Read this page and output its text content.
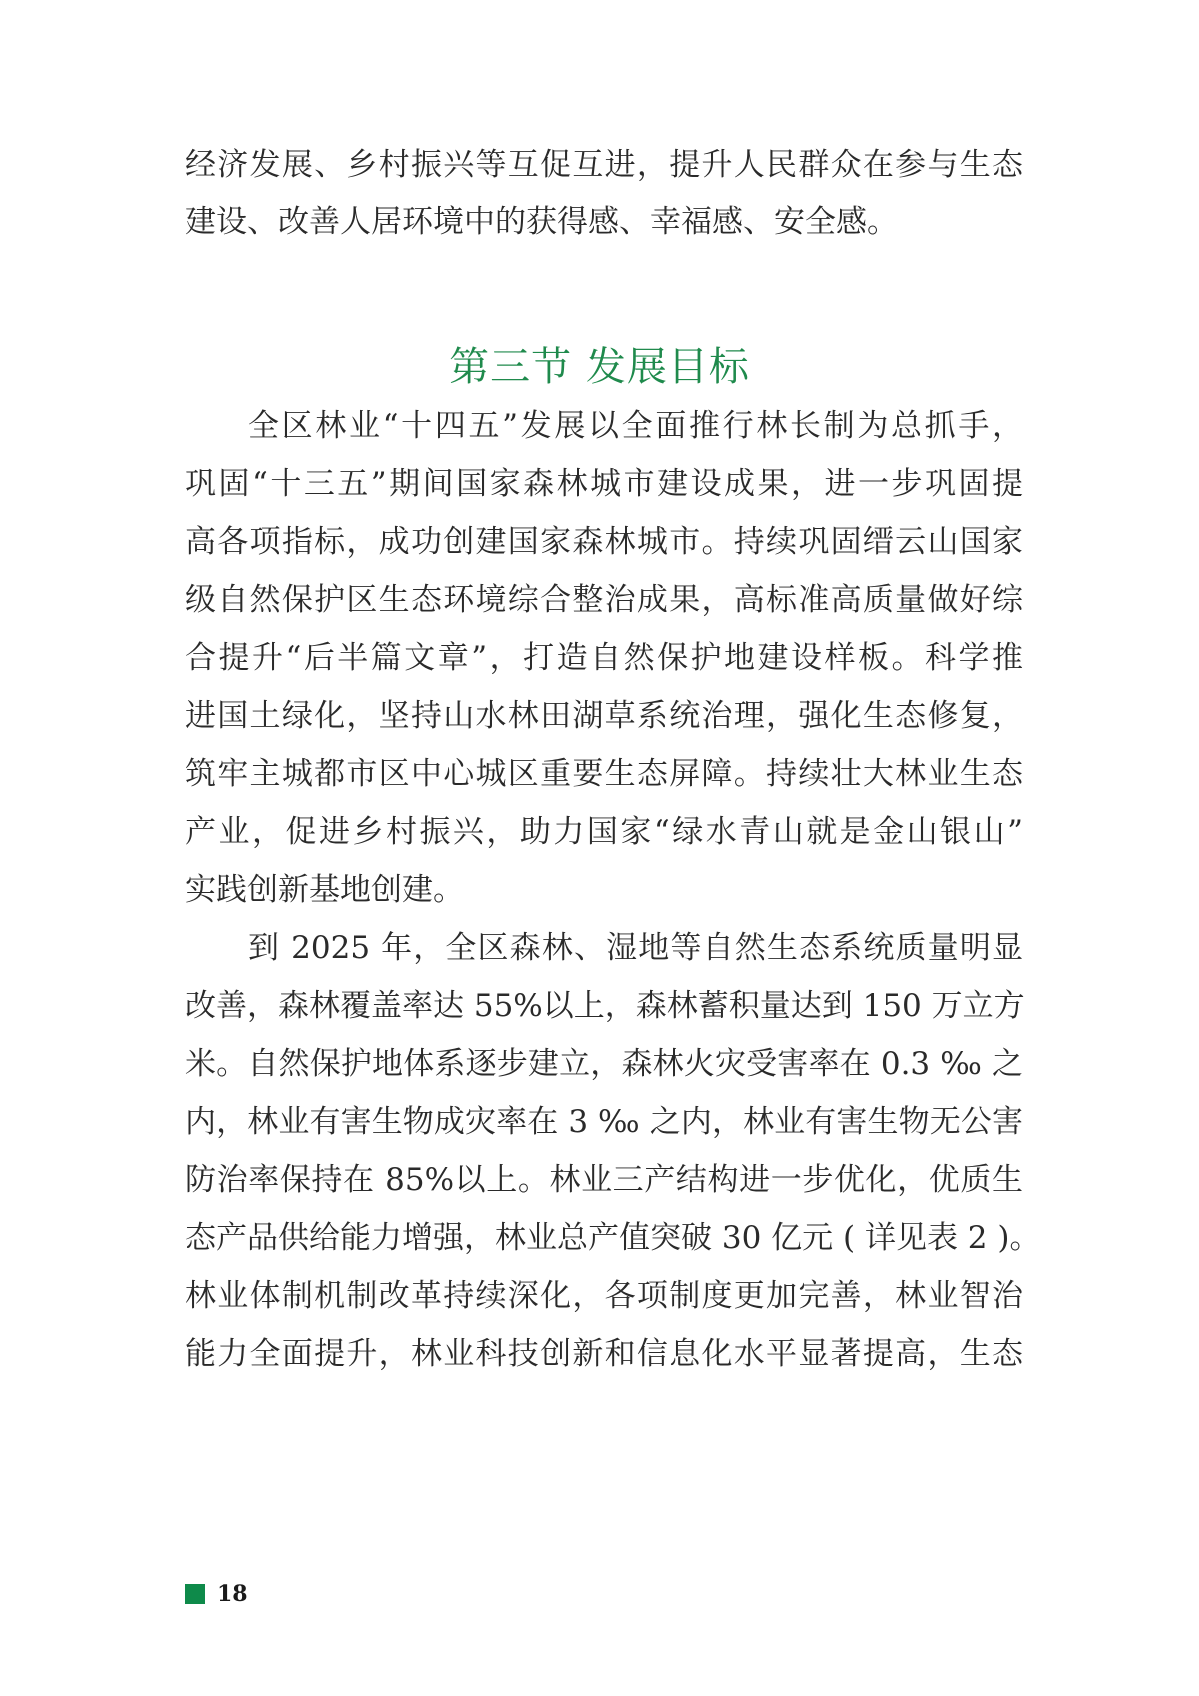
经济发展、乡村振兴等互促互进，提升人民群众在参与生态
建设、改善人居环境中的获得感、幸福感、安全感。
第三节 发展目标
全区林业“十四五”发展以全面推行林长制为总抓手，
巩固“十三五”期间国家森林城市建设成果，进一步巩固提
高各项指标，成功创建国家森林城市。持续巩固缙云山国家
级自然保护区生态环境综合整治成果，高标准高质量做好综
合提升“后半篇文章”，打造自然保护地建设样板。科学推
进国土绿化，坚持山水林田湖草系统治理，强化生态修复，
筑牢主城都市区中心城区重要生态屏障。持续壮大林业生态
产业，促进乡村振兴，助力国家“绿水青山就是金山银山”
实践创新基地创建。
到 2025 年，全区森林、湿地等自然生态系统质量明显
改善，森林覆盖率达 55%以上，森林蓄积量达到 150 万立方
米。自然保护地体系逐步建立，森林火灾受害率在 0.3 ‰ 之
内，林业有害生物成灾率在 3 ‰ 之内，林业有害生物无公害
防治率保持在 85%以上。林业三产结构进一步优化，优质生
态产品供给能力增强，林业总产值突破 30 亿元 ( 详见表 2 )。
林业体制机制改革持续深化，各项制度更加完善，林业智治
能力全面提升，林业科技创新和信息化水平显著提高，生态
18
